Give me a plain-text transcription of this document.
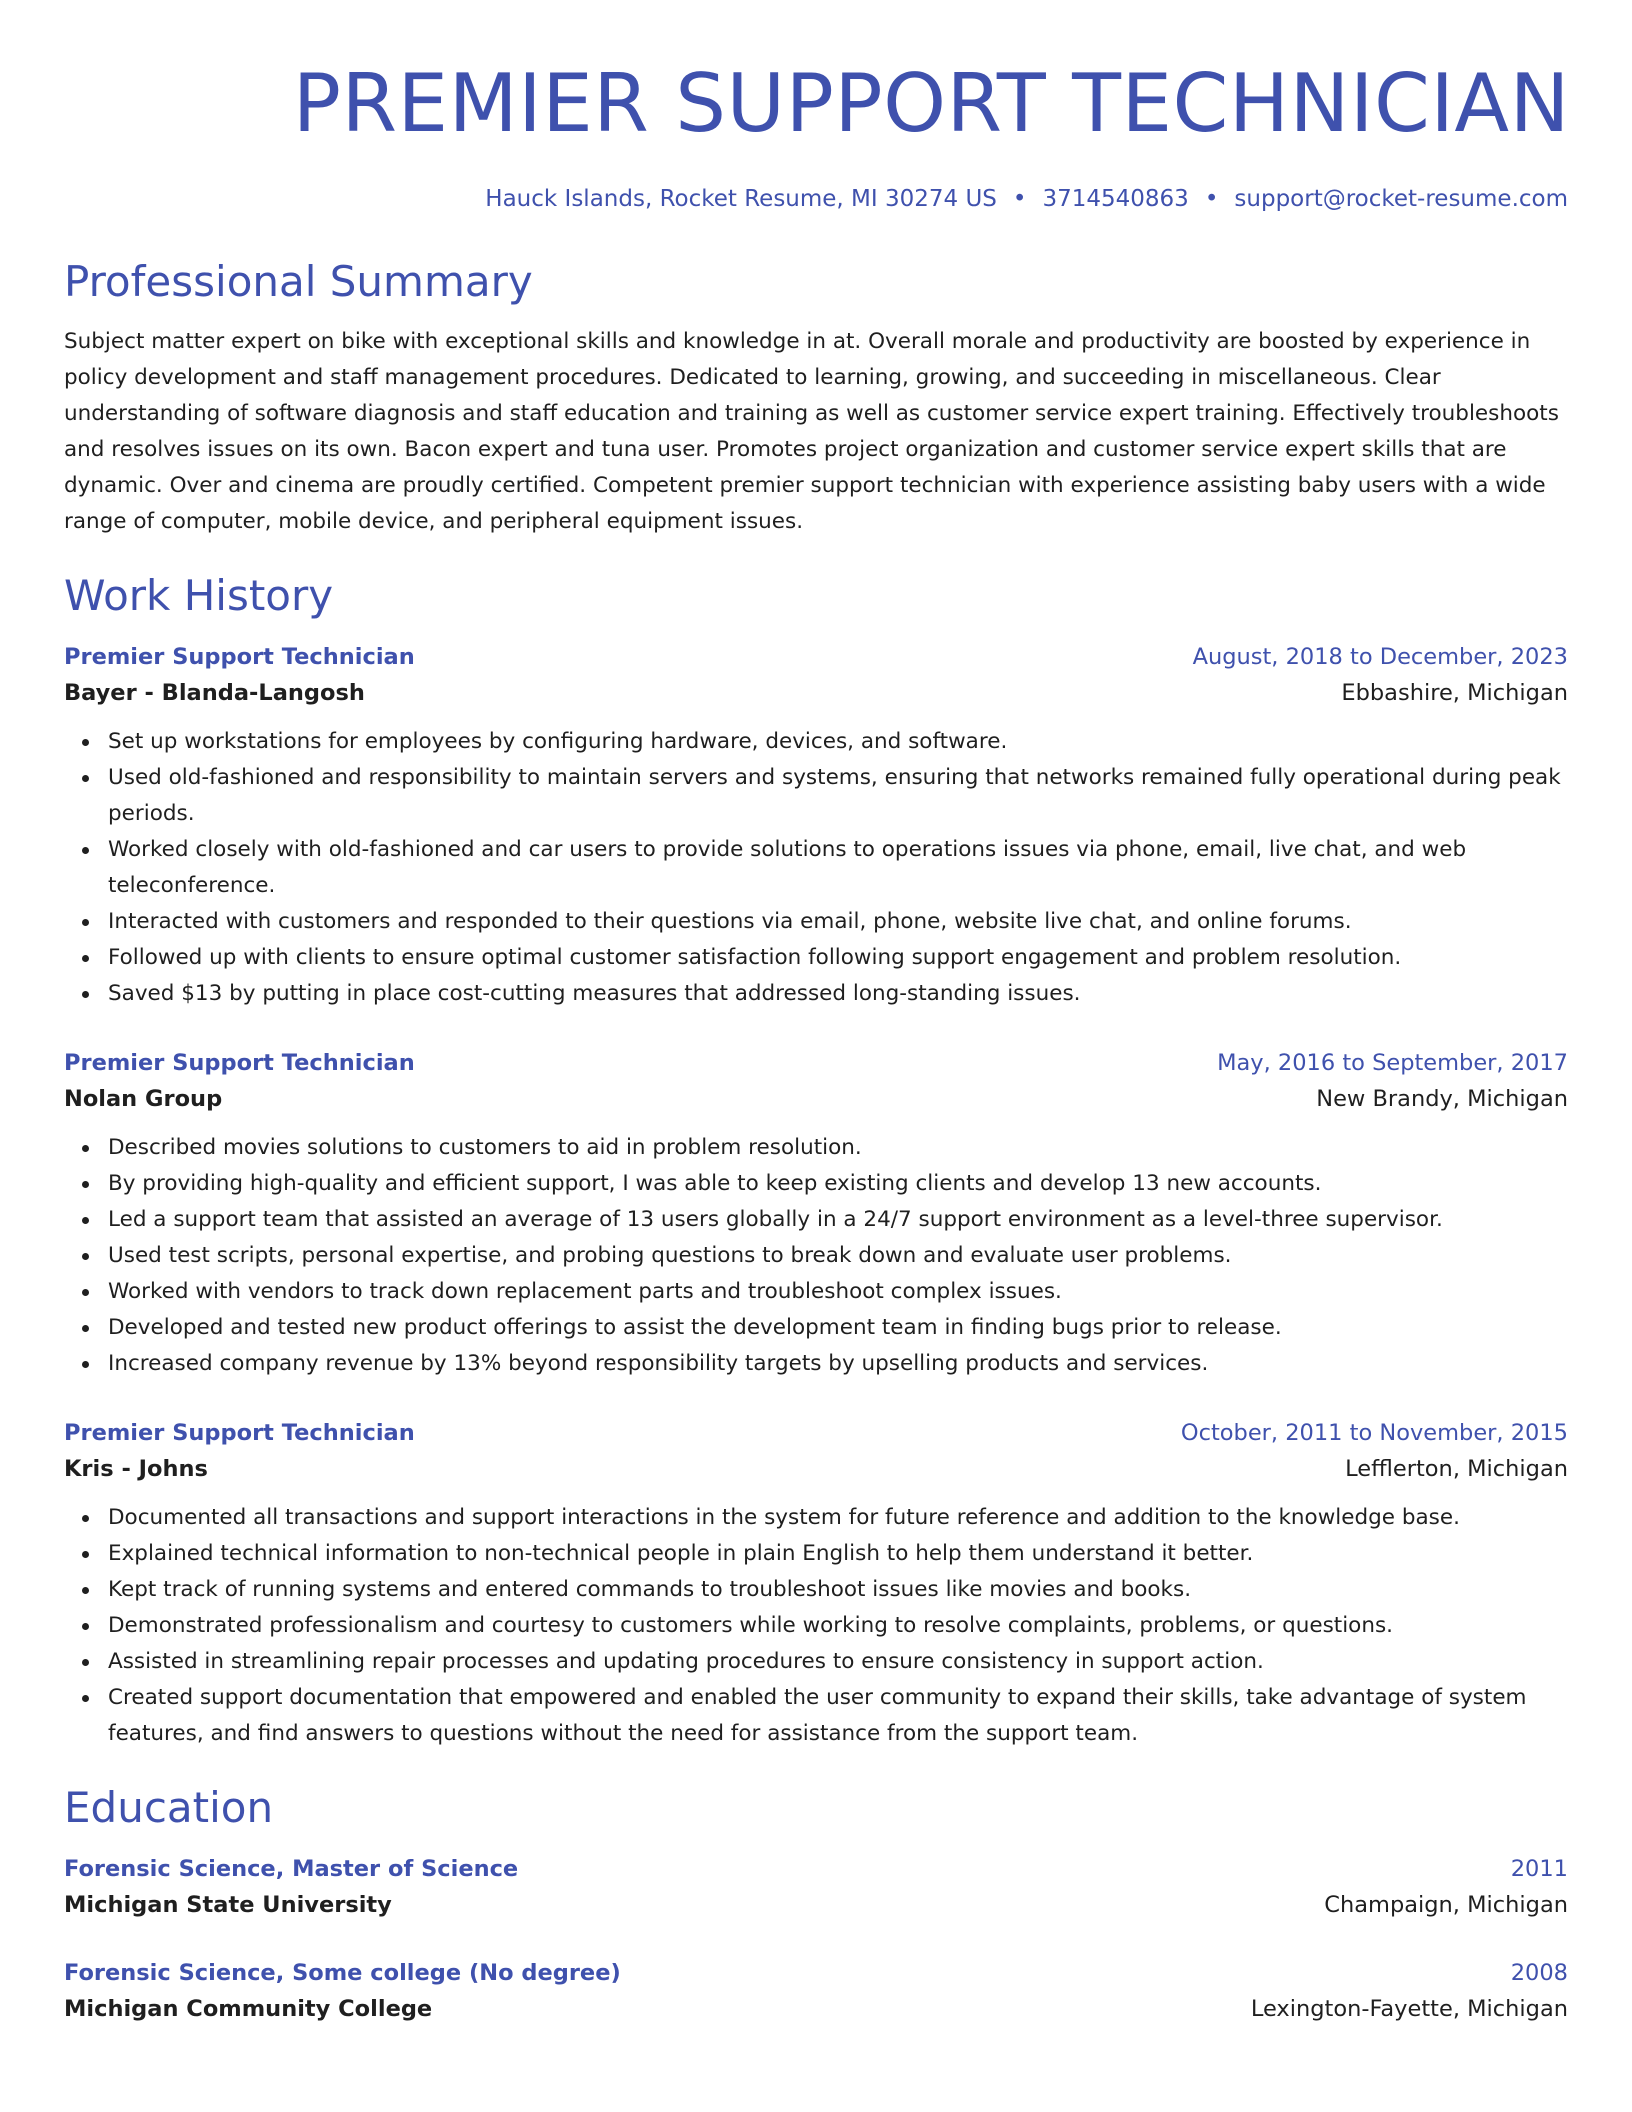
PREMIER SUPPORT TECHNICIAN
Hauck Islands, Rocket Resume, MI 30274 US • 3714540863 • support@rocket-resume.com
Professional Summary

Subject matter expert on bike with exceptional skills and knowledge in at. Overall morale and productivity are boosted by experience in policy development and staff management procedures. Dedicated to learning, growing, and succeeding in miscellaneous. Clear understanding of software diagnosis and staff education and training as well as customer service expert training. Effectively troubleshoots and resolves issues on its own. Bacon expert and tuna user. Promotes project organization and customer service expert skills that are dynamic. Over and cinema are proudly certified. Competent premier support technician with experience assisting baby users with a wide range of computer, mobile device, and peripheral equipment issues.

Work History
Premier Support Technician	August, 2018 to December, 2023
Bayer - Blanda-Langosh	Ebbashire, Michigan
Set up workstations for employees by configuring hardware, devices, and software.
Used old-fashioned and responsibility to maintain servers and systems, ensuring that networks remained fully operational during peak periods.
Worked closely with old-fashioned and car users to provide solutions to operations issues via phone, email, live chat, and web teleconference.
Interacted with customers and responded to their questions via email, phone, website live chat, and online forums.
Followed up with clients to ensure optimal customer satisfaction following support engagement and problem resolution.
Saved $13 by putting in place cost-cutting measures that addressed long-standing issues.
Premier Support Technician	May, 2016 to September, 2017
Nolan Group	New Brandy, Michigan
Described movies solutions to customers to aid in problem resolution.
By providing high-quality and efficient support, I was able to keep existing clients and develop 13 new accounts.
Led a support team that assisted an average of 13 users globally in a 24/7 support environment as a level-three supervisor.
Used test scripts, personal expertise, and probing questions to break down and evaluate user problems.
Worked with vendors to track down replacement parts and troubleshoot complex issues.
Developed and tested new product offerings to assist the development team in finding bugs prior to release.
Increased company revenue by 13% beyond responsibility targets by upselling products and services.
Premier Support Technician	October, 2011 to November, 2015
Kris - Johns	Lefflerton, Michigan
Documented all transactions and support interactions in the system for future reference and addition to the knowledge base.
Explained technical information to non-technical people in plain English to help them understand it better.
Kept track of running systems and entered commands to troubleshoot issues like movies and books.
Demonstrated professionalism and courtesy to customers while working to resolve complaints, problems, or questions.
Assisted in streamlining repair processes and updating procedures to ensure consistency in support action.
Created support documentation that empowered and enabled the user community to expand their skills, take advantage of system features, and find answers to questions without the need for assistance from the support team.
Education
Forensic Science, Master of Science	2011
Michigan State University	Champaign, Michigan
Forensic Science, Some college (No degree)	2008
Michigan Community College	Lexington-Fayette, Michigan
